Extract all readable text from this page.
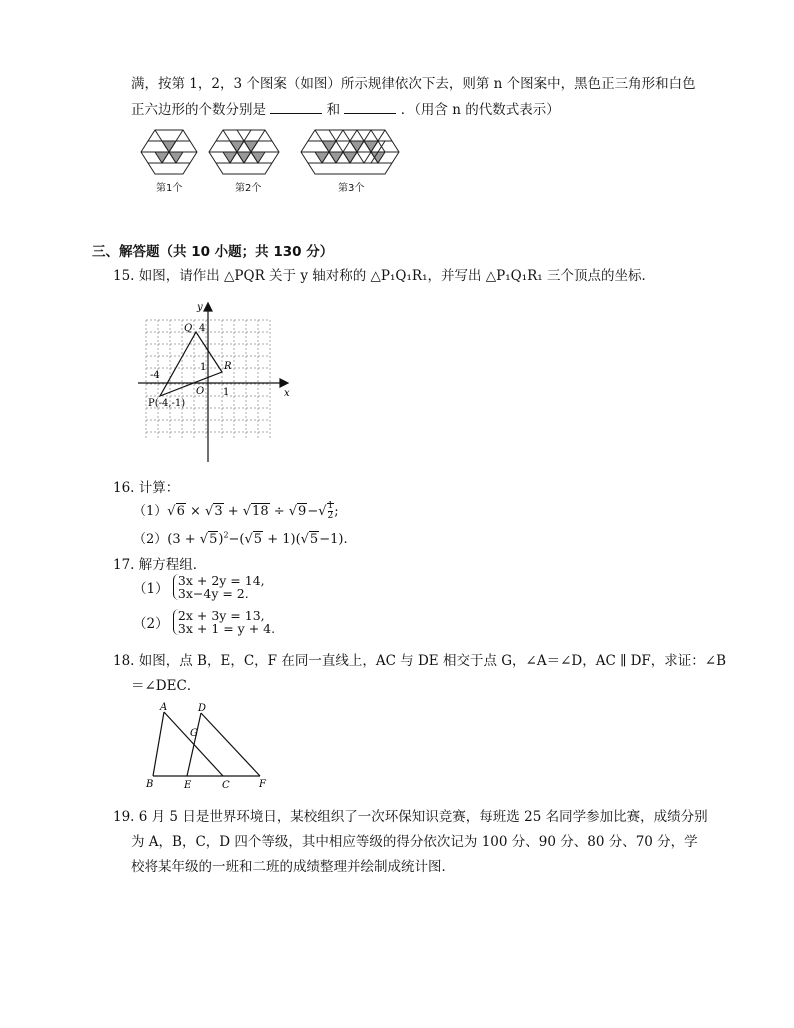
满，按第 1，2，3 个图案（如图）所示规律依次下去，则第 n 个图案中，黑色正三角形和白色
正六边形的个数分别是	和	．（用含 n 的代数式表示）
第1个	第2个	第3个
三、解答题（共 10 小题；共 130 分）
15. 如图，请作出 △PQR 关于 y 轴对称的 △P₁Q₁R₁，并写出 △P₁Q₁R₁ 三个顶点的坐标．
x
y
O
Q 4
R
1
-4
1
P(-4,-1)
16. 计算：
$(1)√6 \times √3 + √18 \div √9-√ \frac{1}{2}$ ;
$(2)(3 + √5)^2-(√5 + 1)(√5-1)$.
17. 解方程组．
（1） 3x + 2y = 14,
3x−4y = 2.
（2） 2x + 3y = 13,
3x + 1 = y + 4.
18. 如图，点 B，E，C，F 在同一直线上，AC 与 DE 相交于点 G，∠A＝∠D，AC ∥ DF，求证：∠B
＝∠DEC．
A	D
G
B	E	C	F
19. 6 月 5 日是世界环境日，某校组织了一次环保知识竞赛，每班选 25 名同学参加比赛，成绩分别
为 A，B，C，D 四个等级，其中相应等级的得分依次记为 100 分、90 分、80 分、70 分，学
校将某年级的一班和二班的成绩整理并绘制成统计图．
